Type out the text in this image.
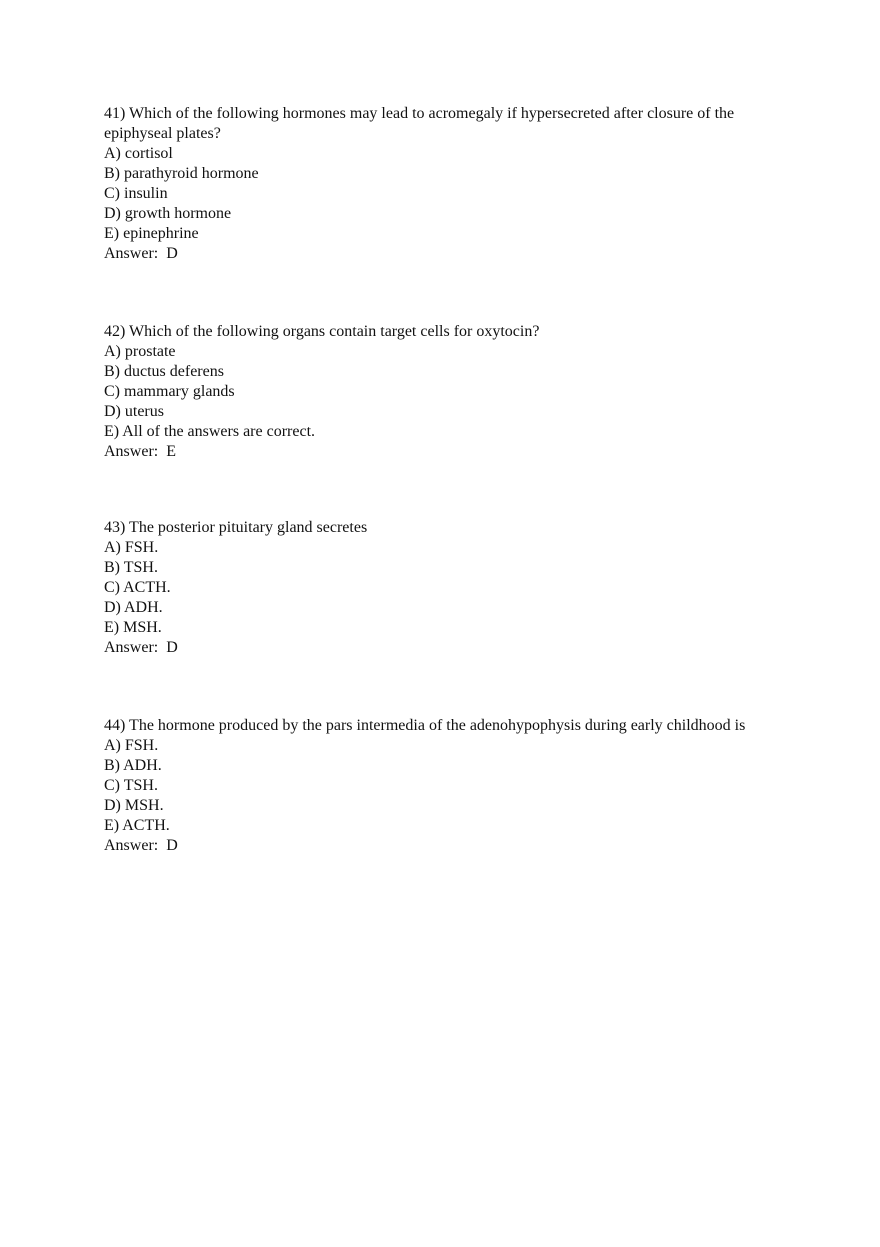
41) Which of the following hormones may lead to acromegaly if hypersecreted after closure of the epiphyseal plates?
A) cortisol
B) parathyroid hormone
C) insulin
D) growth hormone
E) epinephrine
Answer:  D
42) Which of the following organs contain target cells for oxytocin?
A) prostate
B) ductus deferens
C) mammary glands
D) uterus
E) All of the answers are correct.
Answer:  E
43) The posterior pituitary gland secretes
A) FSH.
B) TSH.
C) ACTH.
D) ADH.
E) MSH.
Answer:  D
44) The hormone produced by the pars intermedia of the adenohypophysis during early childhood is
A) FSH.
B) ADH.
C) TSH.
D) MSH.
E) ACTH.
Answer:  D
